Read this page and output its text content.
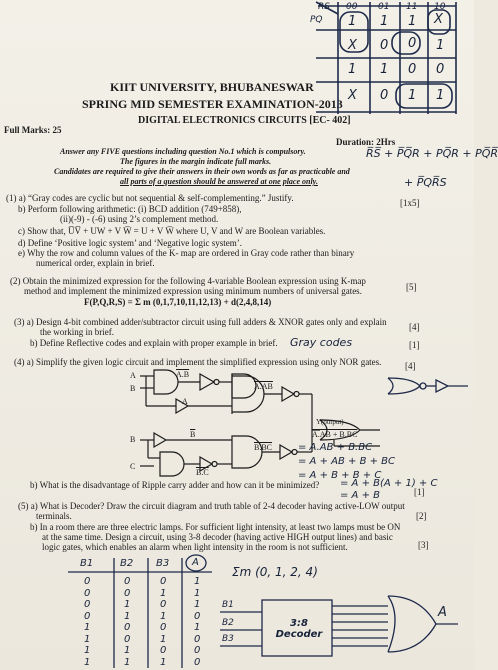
RS
PQ
00 01 11 10
1 1 1 X
X 0 0 1
1 1 0 0
X 0 1 1
KIIT UNIVERSITY, BHUBANESWAR
SPRING MID SEMESTER EXAMINATION-2013
DIGITAL ELECTRONICS CIRCUITS [EC- 402]
Full Marks: 25
Duration: 2Hrs
Answer any FIVE questions including question No.1 which is compulsory.
The figures in the margin indicate full marks.
Candidates are required to give their answers in their own words as far as practicable and
all parts of a question should be answered at one place only.
R̅S̅ + P̅Q̅R + PQ̅R + PQ̅R̅
+ P̅QR̅S
(1) a) “Gray codes are cyclic but not sequential & self-complementing.” Justify.	[1x5]
b) Perform following arithmetic: (i) BCD addition (749+858),
(ii)(-9) - (-6) using 2’s complement method.
c) Show that, U̅V̅ + UW + V W̅ = U + V W̅ where U, V and W are Boolean variables.
d) Define ‘Positive logic system’ and ‘Negative logic system’.
e) Why the row and column values of the K- map are ordered in Gray code rather than binary
numerical order, explain in brief.
(2) Obtain the minimized expression for the following 4-variable Boolean expression using K-map
[5]
method and implement the minimized expression using minimum numbers of universal gates.
F(P,Q,R,S) = Σ m (0,1,7,10,11,12,13) + d(2,4,8,14)
(3) a) Design 4-bit combined adder/subtractor circuit using full adders & XNOR gates only and explain [4]
the working in brief.
b) Define Reflective codes and explain with proper example in brief. Gray codes	[1]
(4) a) Simplify the given logic circuit and implement the simplified expression using only NOR gates.	[4]
A
B
B
C
A.B
A
A.AB
$\overline{B}$
B.BC
B.C
Y(output)
A.AB + B.BC
= A.AB + B.BC
= A + AB + B + BC
= A + B + B + C
= A + B(A + 1) + C
= A + B
b) What is the disadvantage of Ripple carry adder and how can it be minimized?
[1]
(5) a) What is Decoder? Draw the circuit diagram and truth table of 2-4 decoder having active-LOW output
terminals.	[2]
b) In a room there are three electric lamps. For sufficient light intensity, at least two lamps must be ON
at the same time. Design a circuit, using 3-8 decoder (having active HIGH output lines) and basic
logic gates, which enables an alarm when light intensity in the room is not sufficient.	[3]
B1	B2 B3 A
0	0	0	1
0	0	1	1
0	1	0	1
0	1	1	0
1	0	0	1
1	0	1	0
1	1	0	0
1	1	1	0
Σm (0, 1, 2, 4)
B1
B2
B3
3:8 Decoder
A
